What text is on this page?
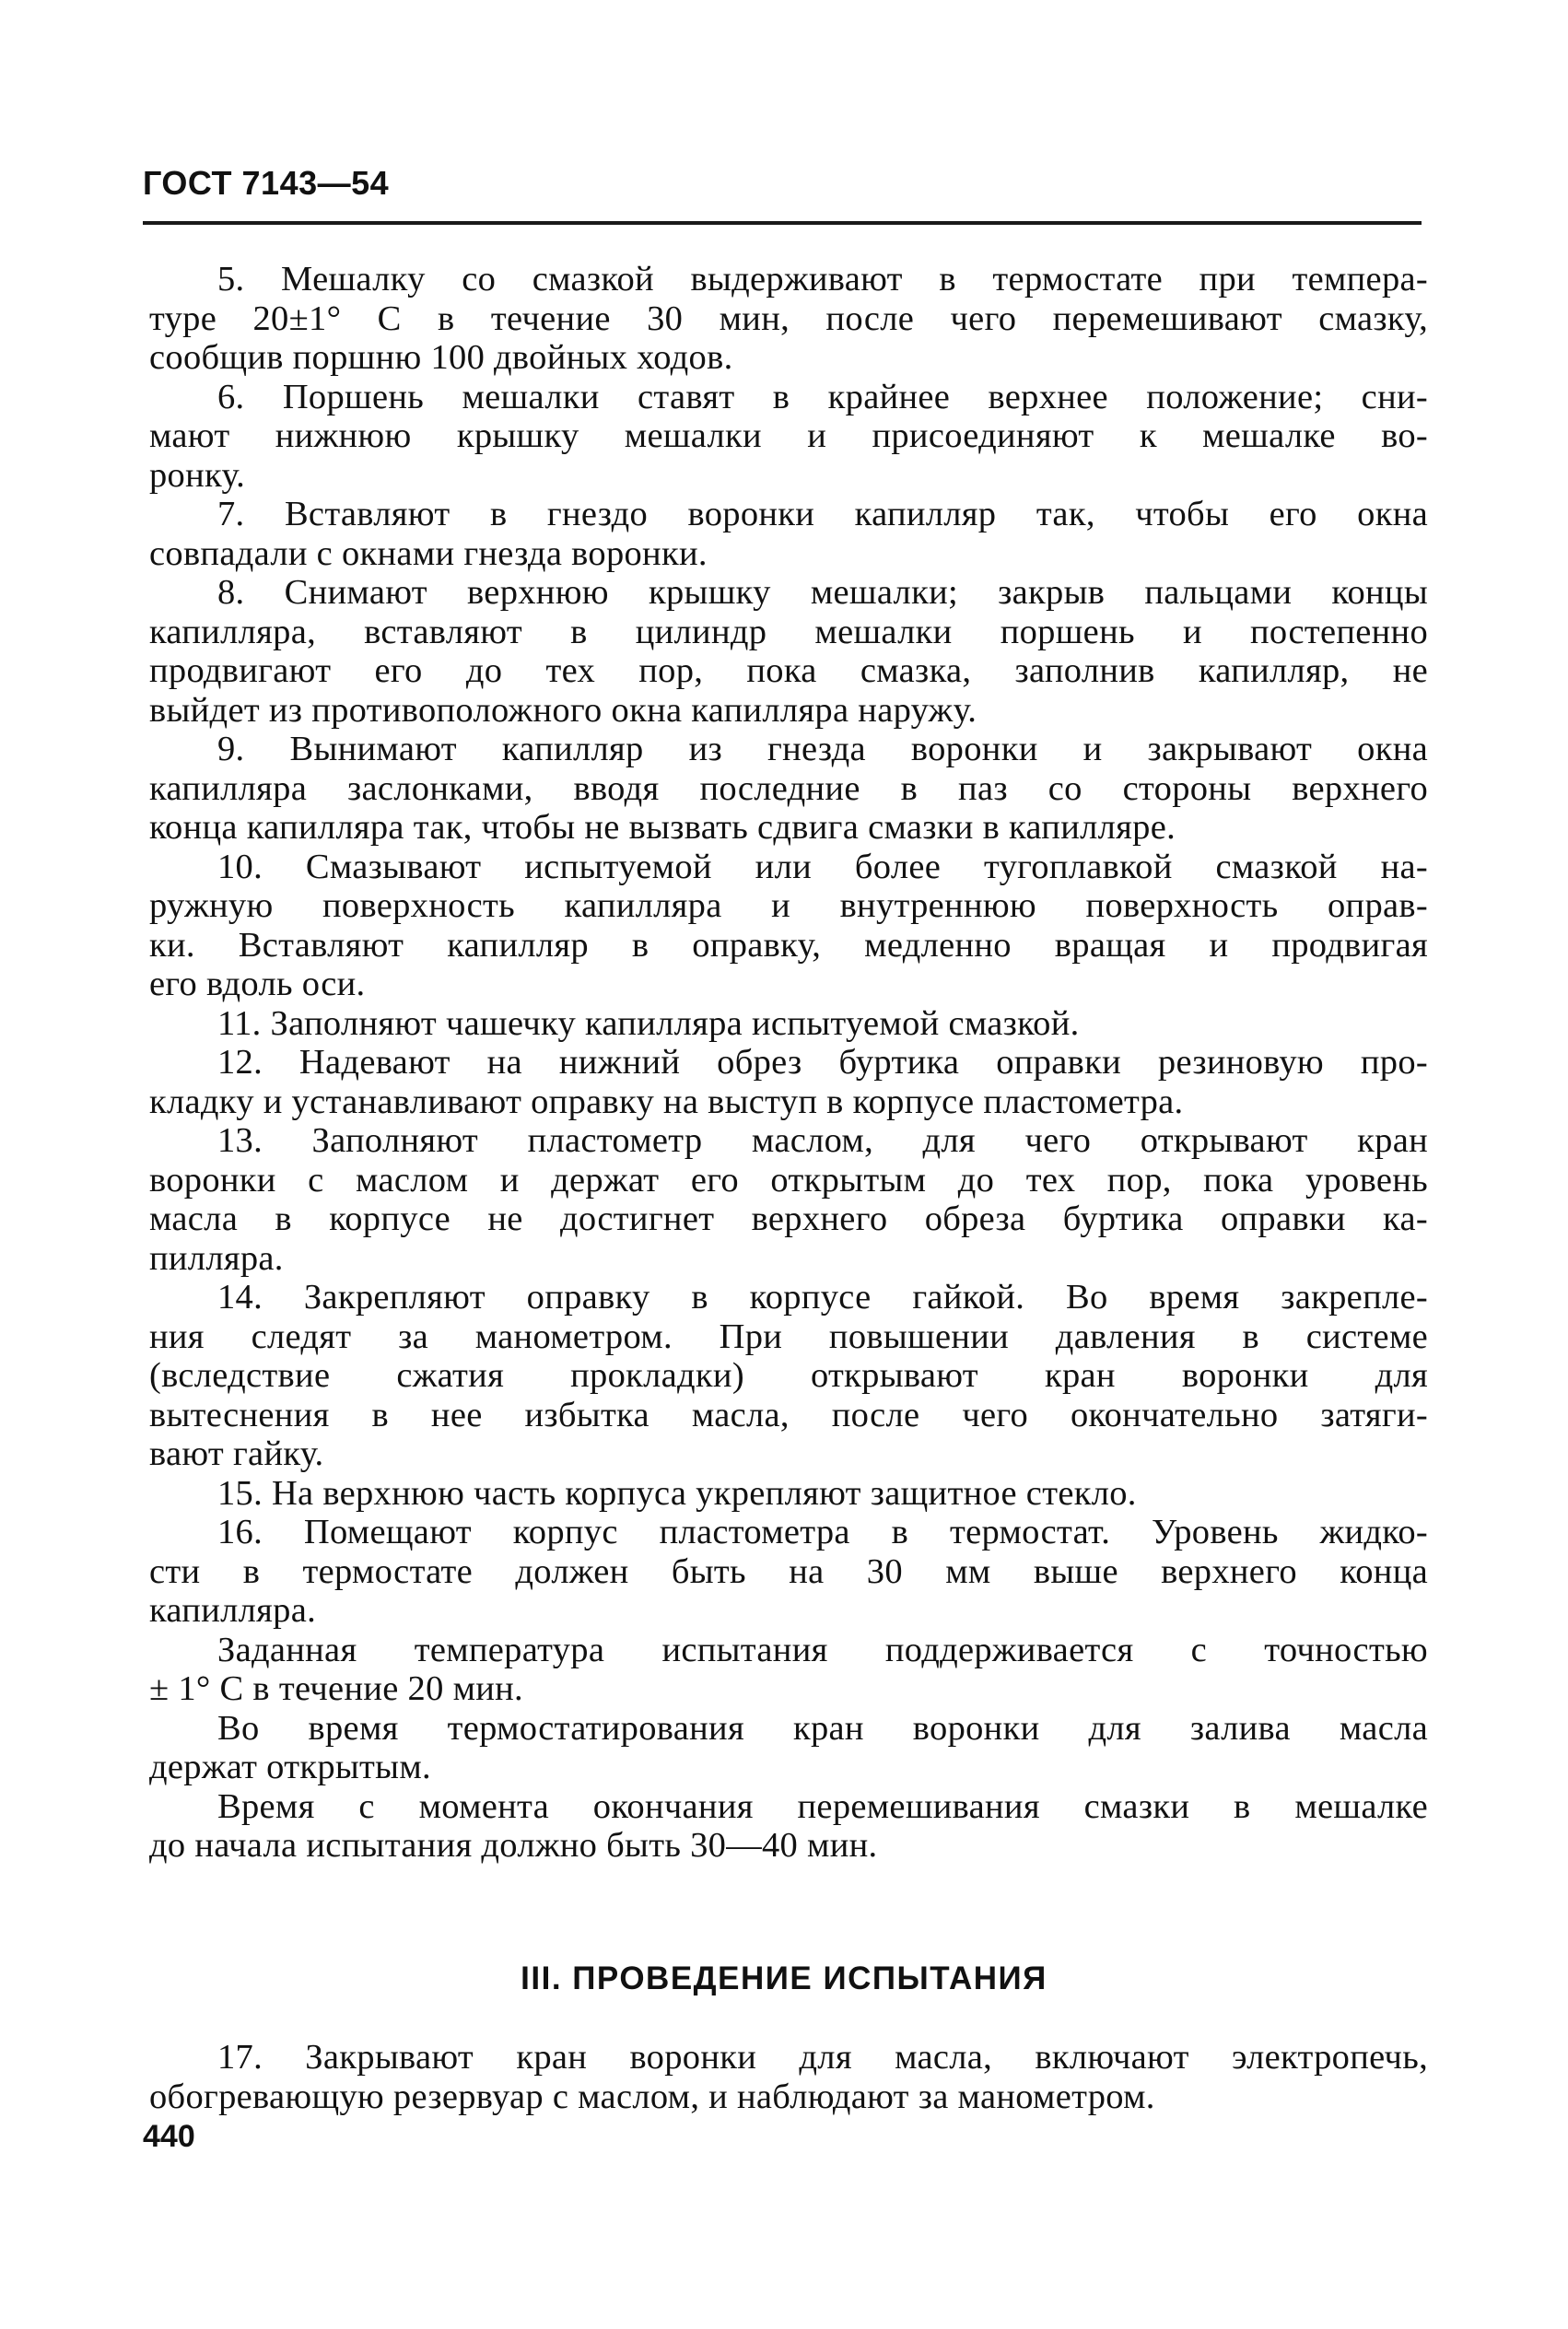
ГОСТ 7143—54

5. Мешалку со смазкой выдерживают в термостате при темпера-
туре 20±1° С в течение 30 мин, после чего перемешивают смазку,
сообщив поршню 100 двойных ходов.

6. Поршень мешалки ставят в крайнее верхнее положение; сни-
мают нижнюю крышку мешалки и присоединяют к мешалке во-
ронку.

7. Вставляют в гнездо воронки капилляр так, чтобы его окна
совпадали с окнами гнезда воронки.

8. Снимают верхнюю крышку мешалки; закрыв пальцами концы
капилляра, вставляют в цилиндр мешалки поршень и постепенно
продвигают его до тех пор, пока смазка, заполнив капилляр, не
выйдет из противоположного окна капилляра наружу.

9. Вынимают капилляр из гнезда воронки и закрывают окна
капилляра заслонками, вводя последние в паз со стороны верхнего
конца капилляра так, чтобы не вызвать сдвига смазки в капилляре.

10. Смазывают испытуемой или более тугоплавкой смазкой на-
ружную поверхность капилляра и внутреннюю поверхность оправ-
ки. Вставляют капилляр в оправку, медленно вращая и продвигая
его вдоль оси.

11. Заполняют чашечку капилляра испытуемой смазкой.

12. Надевают на нижний обрез буртика оправки резиновую про-
кладку и устанавливают оправку на выступ в корпусе пластометра.

13. Заполняют пластометр маслом, для чего открывают кран
воронки с маслом и держат его открытым до тех пор, пока уровень
масла в корпусе не достигнет верхнего обреза буртика оправки ка-
пилляра.

14. Закрепляют оправку в корпусе гайкой. Во время закрепле-
ния следят за манометром. При повышении давления в системе
(вследствие сжатия прокладки) открывают кран воронки для
вытеснения в нее избытка масла, после чего окончательно затяги-
вают гайку.

15. На верхнюю часть корпуса укрепляют защитное стекло.

16. Помещают корпус пластометра в термостат. Уровень жидко-
сти в термостате должен быть на 30 мм выше верхнего конца
капилляра.

Заданная температура испытания поддерживается с точностью
± 1° С в течение 20 мин.

Во время термостатирования кран воронки для залива масла
держат открытым.

Время с момента окончания перемешивания смазки в мешалке
до начала испытания должно быть 30—40 мин.

III. ПРОВЕДЕНИЕ ИСПЫТАНИЯ

17. Закрывают кран воронки для масла, включают электропечь,
обогревающую резервуар с маслом, и наблюдают за манометром.

440
